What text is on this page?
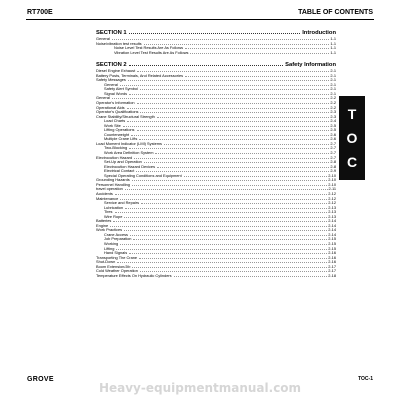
RT700E	TABLE OF CONTENTS
SECTION 1	Introduction
General	1-1
Noise/vibration test results	1-1
Noise Level Test Results Are As Follows	1-1
Vibration Level Test Results Are As Follows	1-1
SECTION 2	Safety Information
Diesel Engine Exhaust	2-1
Battery Posts, Terminals, And Related Accessories	2-1
Safety Messages	2-1
General	2-1
Safety Alert Symbol	2-1
Signal Words	2-1
General	2-2
Operator's Information	2-2
Operational Aids	2-2
Operator's Qualifications	2-3
Crane Stability/Structural Strength	2-3
Load Charts	2-4
Work Site	2-5
Lifting Operations	2-5
Counterweight	2-6
Multiple Crane Lifts	2-6
Load Moment Indicator (LMI) Systems	2-7
Two-Blocking	2-7
Work Area Definition System	2-7
Electrocution Hazard	2-7
Set-Up and Operation	2-8
Electrocution Hazard Devices	2-8
Electrical Contact	2-9
Special Operating Conditions and Equipment	2-10
Grounding Hazards	2-10
Personnel Handling	2-10
travel operation	2-11
Accidents	2-12
Maintenance	2-12
Service and Repairs	2-12
Lubrication	2-13
Tires	2-13
Wire Rope	2-13
Batteries	2-14
Engine	2-14
Work Practices	2-14
Crane Access	2-14
Job Preparation	2-15
Working	2-15
Lifting	2-15
Hand Signals	2-16
Transporting The Crane	2-16
Shut-Down	2-16
Boom Extension/Jib	2-17
Cold Weather Operation	2-17
Temperature Effects On Hydraulic Cylinders	2-18
T
O
C
GROVE	TOC-1
Heavy-equipmentmanual.com
